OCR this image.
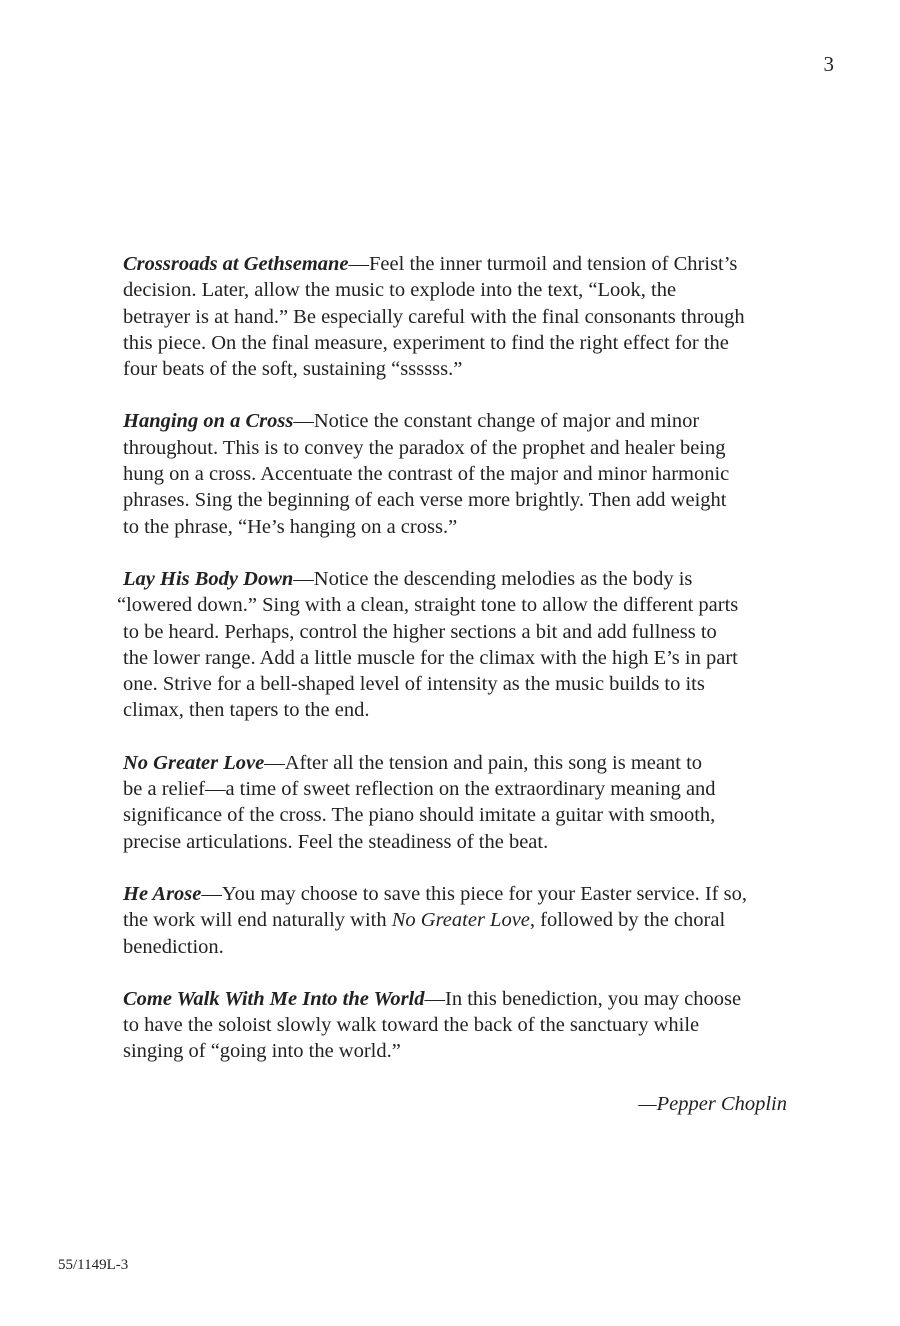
3
Crossroads at Gethsemane—Feel the inner turmoil and tension of Christ’s
decision. Later, allow the music to explode into the text, “Look, the
betrayer is at hand.” Be especially careful with the final consonants through
this piece. On the final measure, experiment to find the right effect for the
four beats of the soft, sustaining “ssssss.”
Hanging on a Cross—Notice the constant change of major and minor
throughout. This is to convey the paradox of the prophet and healer being
hung on a cross. Accentuate the contrast of the major and minor harmonic
phrases. Sing the beginning of each verse more brightly. Then add weight
to the phrase, “He’s hanging on a cross.”
Lay His Body Down—Notice the descending melodies as the body is
“lowered down.” Sing with a clean, straight tone to allow the different parts
to be heard. Perhaps, control the higher sections a bit and add fullness to
the lower range. Add a little muscle for the climax with the high E’s in part
one. Strive for a bell-shaped level of intensity as the music builds to its
climax, then tapers to the end.
No Greater Love—After all the tension and pain, this song is meant to
be a relief—a time of sweet reflection on the extraordinary meaning and
significance of the cross. The piano should imitate a guitar with smooth,
precise articulations. Feel the steadiness of the beat.
He Arose—You may choose to save this piece for your Easter service. If so,
the work will end naturally with No Greater Love, followed by the choral
benediction.
Come Walk With Me Into the World—In this benediction, you may choose
to have the soloist slowly walk toward the back of the sanctuary while
singing of “going into the world.”
—Pepper Choplin
55/1149L-3
